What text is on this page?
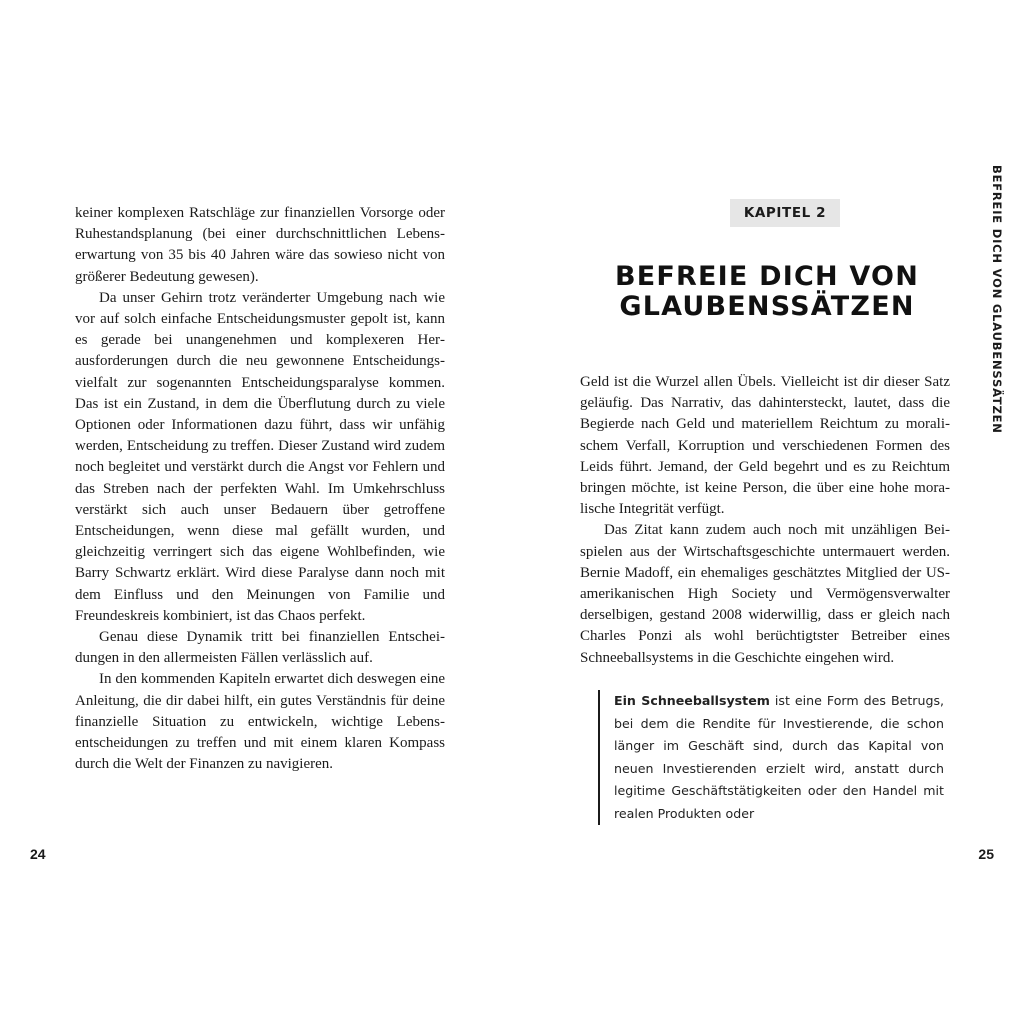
keiner komplexen Ratschläge zur finanziellen Vorsorge oder Ruhestandsplanung (bei einer durchschnittlichen Lebenserwartung von 35 bis 40 Jahren wäre das sowieso nicht von größerer Bedeutung gewesen).

Da unser Gehirn trotz veränderter Umgebung nach wie vor auf solch einfache Entscheidungsmuster gepolt ist, kann es gerade bei unangenehmen und komplexeren Herausforderungen durch die neu gewonnene Entscheidungsvielfalt zur sogenannten Entscheidungsparalyse kommen. Das ist ein Zustand, in dem die Überflutung durch zu viele Optionen oder Informationen dazu führt, dass wir unfähig werden, Entscheidung zu treffen. Dieser Zustand wird zudem noch begleitet und verstärkt durch die Angst vor Fehlern und das Streben nach der perfekten Wahl. Im Umkehrschluss verstärkt sich auch unser Bedauern über getroffene Entscheidungen, wenn diese mal gefällt wurden, und gleichzeitig verringert sich das eigene Wohlbefinden, wie Barry Schwartz erklärt. Wird diese Paralyse dann noch mit dem Einfluss und den Meinungen von Familie und Freundeskreis kombiniert, ist das Chaos perfekt.

Genau diese Dynamik tritt bei finanziellen Entscheidungen in den allermeisten Fällen verlässlich auf.

In den kommenden Kapiteln erwartet dich deswegen eine Anleitung, die dir dabei hilft, ein gutes Verständnis für deine finanzielle Situation zu entwickeln, wichtige Lebensentscheidungen zu treffen und mit einem klaren Kompass durch die Welt der Finanzen zu navigieren.

24
KAPITEL 2
BEFREIE DICH VON
GLAUBENSSÄTZEN	BEFREIE DICH VON GLAUBENSSÄTZEN

Geld ist die Wurzel allen Übels. Vielleicht ist dir dieser Satz geläufig. Das Narrativ, das dahintersteckt, lautet, dass die Begierde nach Geld und materiellem Reichtum zu moralischem Verfall, Korruption und verschiedenen Formen des Leids führt. Jemand, der Geld begehrt und es zu Reichtum bringen möchte, ist keine Person, die über eine hohe moralische Integrität verfügt.

Das Zitat kann zudem auch noch mit unzähligen Beispielen aus der Wirtschaftsgeschichte untermauert werden. Bernie Madoff, ein ehemaliges geschätztes Mitglied der US-amerikanischen High Society und Vermögensverwalter derselbigen, gestand 2008 widerwillig, dass er gleich nach Charles Ponzi als wohl berüchtigtster Betreiber eines Schneeballsystems in die Geschichte eingehen wird.

Ein Schneeballsystem ist eine Form des Betrugs, bei dem die Rendite für Investierende, die schon länger im Geschäft sind, durch das Kapital von neuen Investierenden erzielt wird, anstatt durch legitime Geschäftstätigkeiten oder den Handel mit realen Produkten oder
25
